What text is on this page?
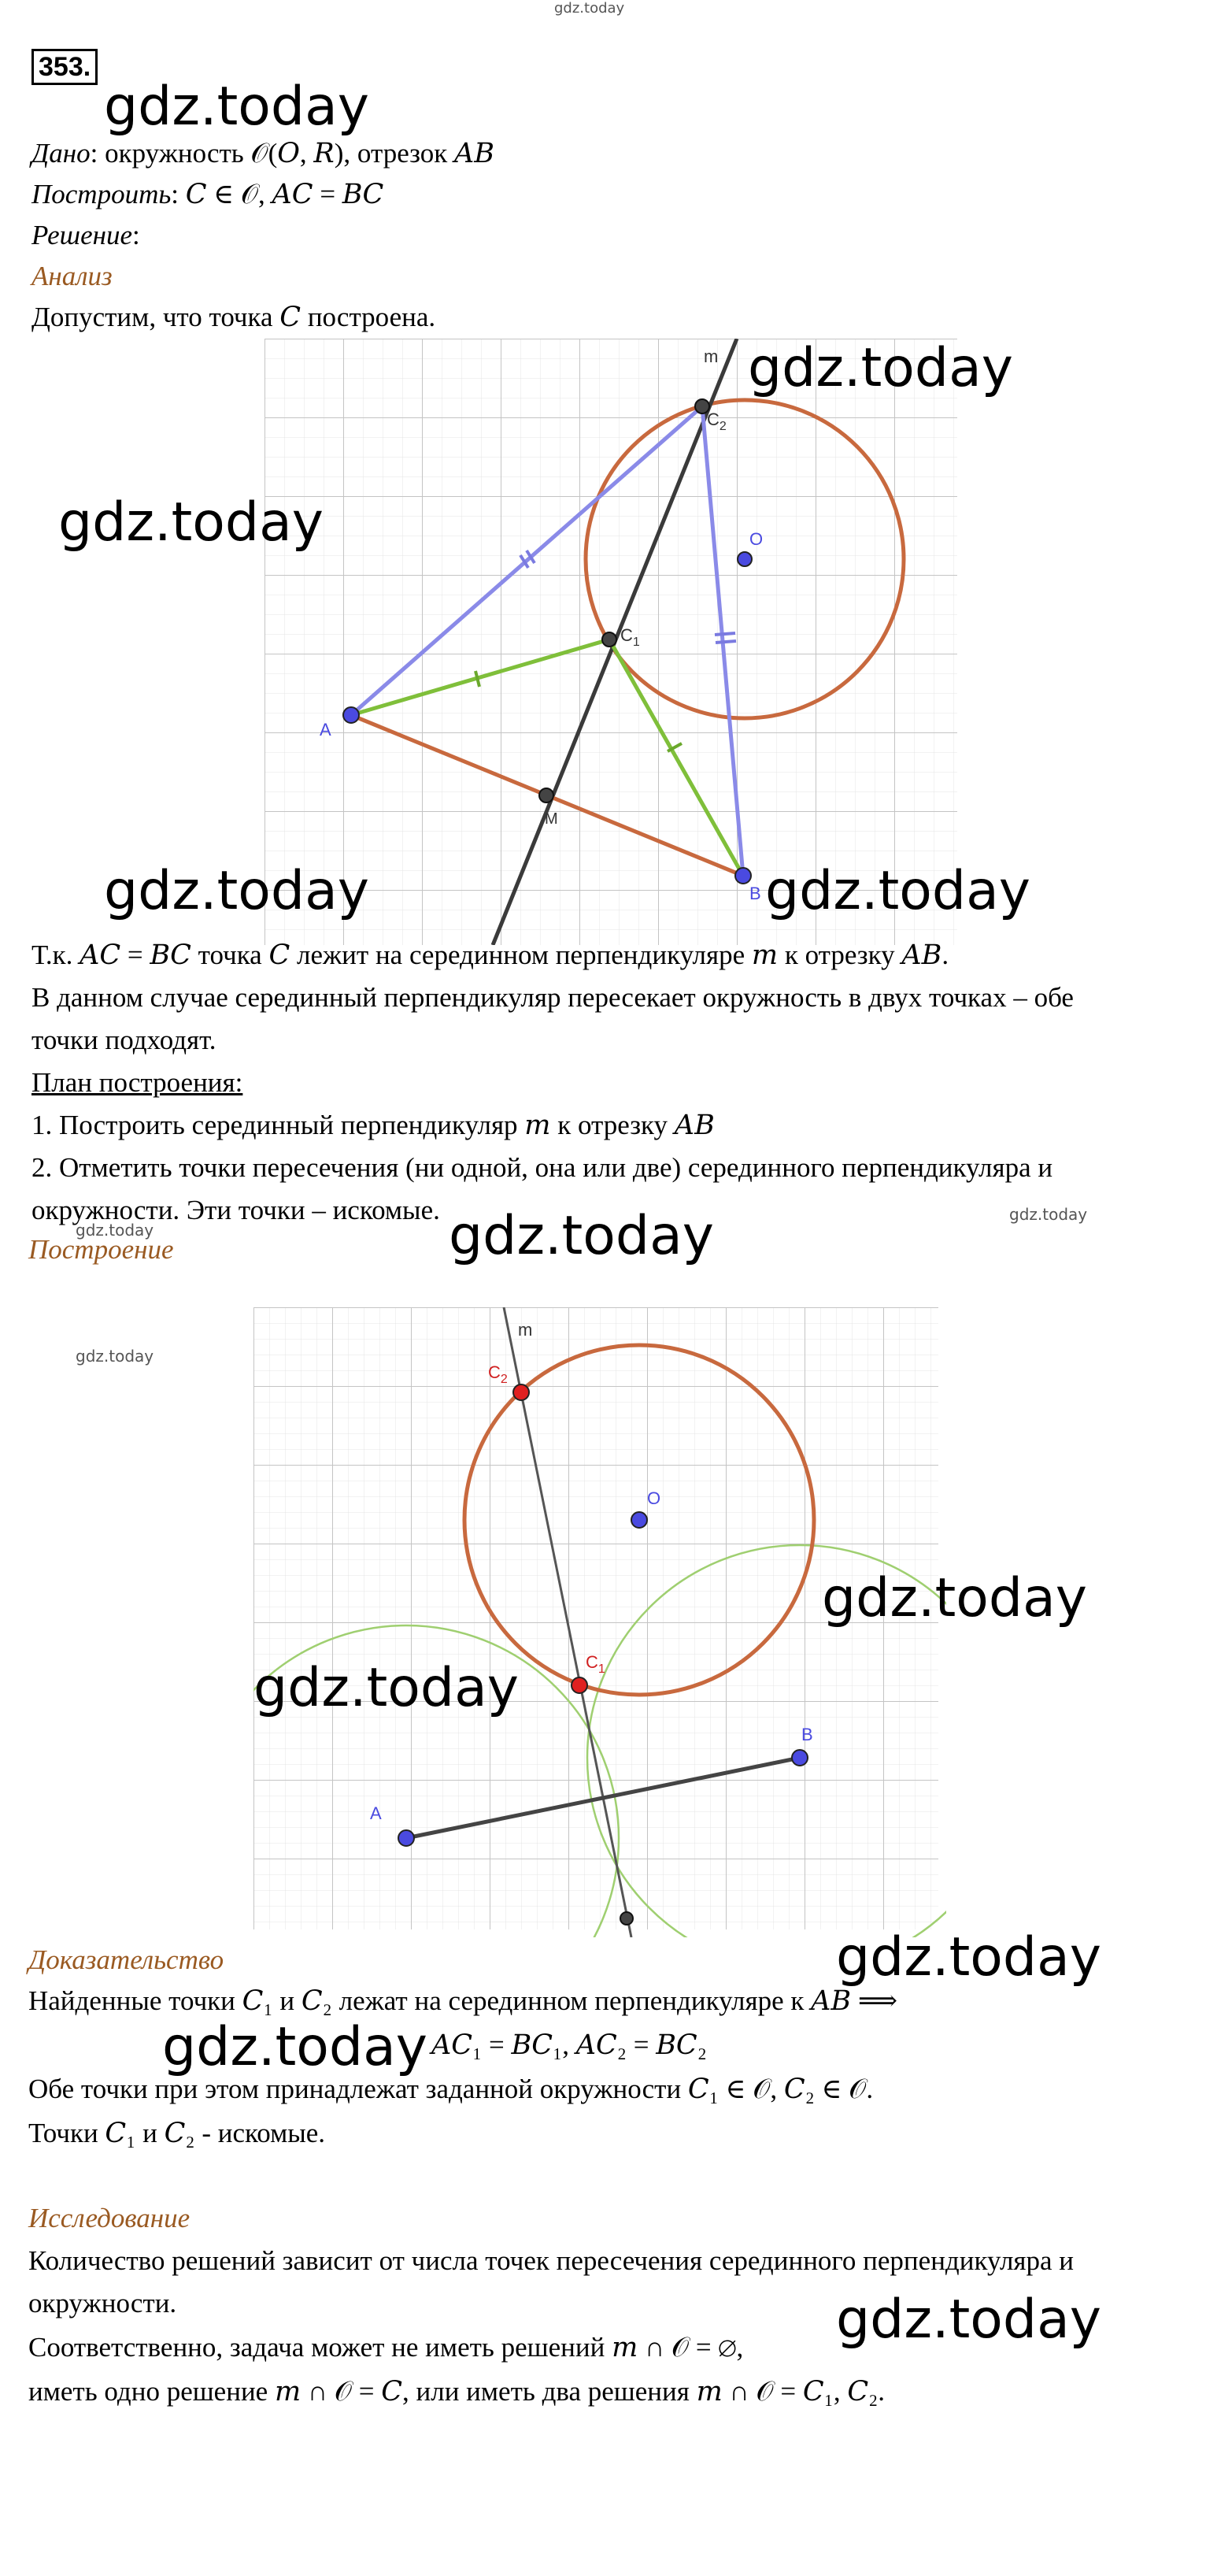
gdz.today
353.
gdz.today
Дано: окружность 𝒪(𝑂, 𝑅), отрезок 𝐴𝐵
Построить: 𝐶 ∈ 𝒪, 𝐴𝐶 = 𝐵𝐶
Решение:
Анализ
Допустим, что точка 𝐶 построена.
m
$C_2$
O
$C_1$
A
M
B
gdz.today
gdz.today
gdz.today	gdz.today
Т.к. 𝐴𝐶 = 𝐵𝐶 точка 𝐶 лежит на серединном перпендикуляре 𝑚 к отрезку 𝐴𝐵.
В данном случае серединный перпендикуляр пересекает окружность в двух точках – обе
точки подходят.
План построения:
1. Построить серединный перпендикуляр 𝑚 к отрезку 𝐴𝐵
2. Отметить точки пересечения (ни одной, она или две) серединного перпендикуляра и
окружности. Эти точки – искомые. gdz.today
gdz.today
gdz.today
Построение
gdz.today
m
$C_2$
O
$C_1$
A
B
gdz.today
gdz.today
Доказательство	gdz.today
Найденные точки 𝐶₁ и 𝐶₂ лежат на серединном перпендикуляре к 𝐴𝐵 ⟹
gdz.today 𝐴𝐶₁ = 𝐵𝐶₁, 𝐴𝐶₂ = 𝐵𝐶₂
Обе точки при этом принадлежат заданной окружности 𝐶₁ ∈ 𝒪, 𝐶₂ ∈ 𝒪.
Точки 𝐶₁ и 𝐶₂ - искомые.
Исследование
Количество решений зависит от числа точек пересечения серединного перпендикуляра и
окружности.	gdz.today
Соответственно, задача может не иметь решений 𝑚 ∩ 𝒪 = ∅,
иметь одно решение 𝑚 ∩ 𝒪 = 𝐶, или иметь два решения 𝑚 ∩ 𝒪 = 𝐶₁, 𝐶₂.
